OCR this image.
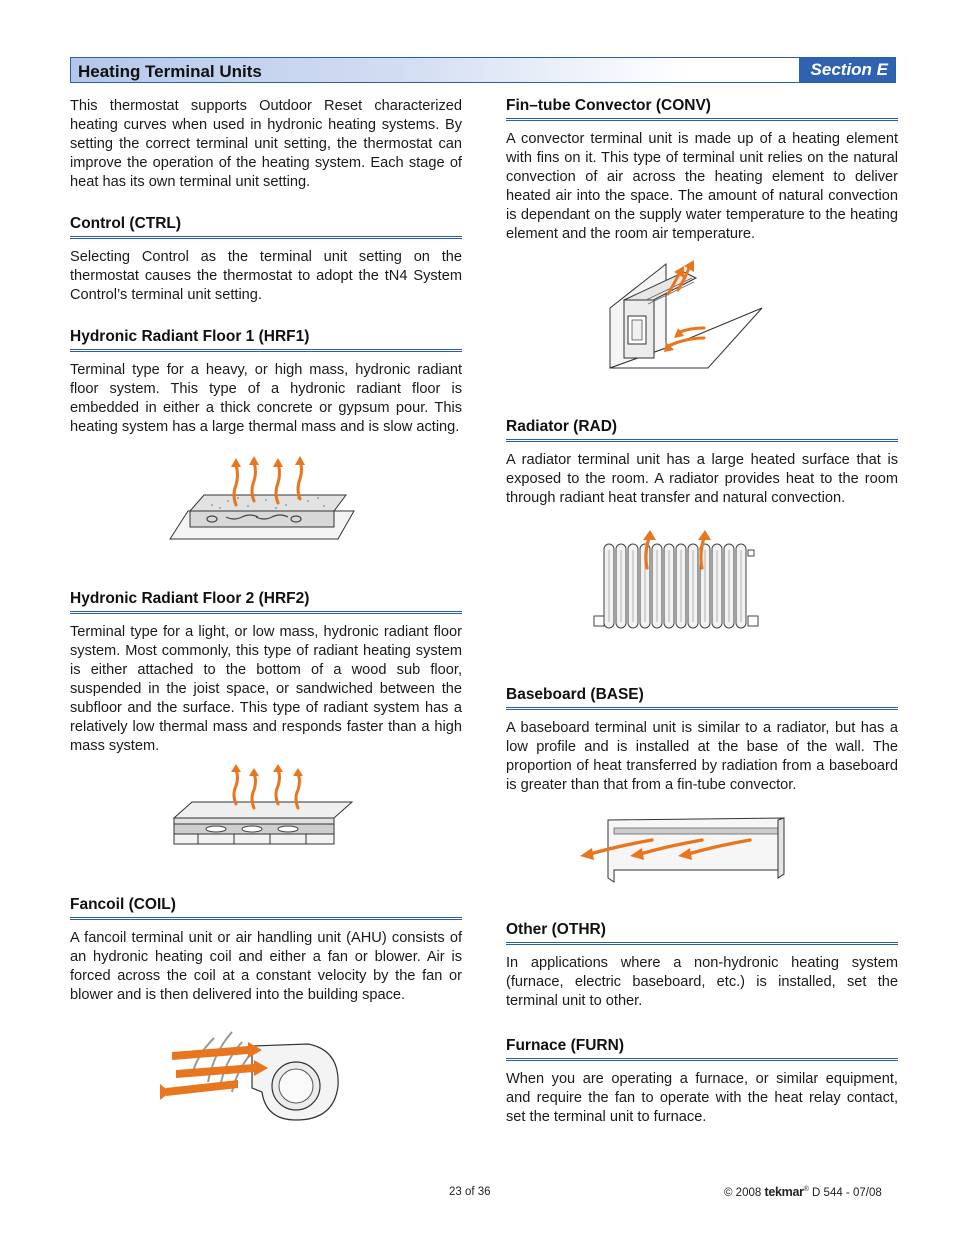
Heating Terminal Units	Section E

This thermostat supports Outdoor Reset characterized heating curves when used in hydronic heating systems. By setting the correct terminal unit setting, the thermostat can improve the operation of the heating system. Each stage of heat has its own terminal unit setting.

Control (CTRL)

Selecting Control as the terminal unit setting on the thermostat causes the thermostat to adopt the tN4 System Control’s terminal unit setting.

Hydronic Radiant Floor 1 (HRF1)

Terminal type for a heavy, or high mass, hydronic radiant floor system. This type of a hydronic radiant floor is embedded in either a thick concrete or gypsum pour. This heating system has a large thermal mass and is slow acting.

Hydronic Radiant Floor 2 (HRF2)

Terminal type for a light, or low mass, hydronic radiant floor system. Most commonly, this type of radiant heating system is either attached to the bottom of a wood sub floor, suspended in the joist space, or sandwiched between the subfloor and the surface. This type of radiant system has a relatively low thermal mass and responds faster than a high mass system.

Fancoil (COIL)

A fancoil terminal unit or air handling unit (AHU) consists of an hydronic heating coil and either a fan or blower. Air is forced across the coil at a constant velocity by the fan or blower and is then delivered into the building space.

Fin–tube Convector (CONV)

A convector terminal unit is made up of a heating element with fins on it. This type of terminal unit relies on the natural convection of air across the heating element to deliver heated air into the space. The amount of natural convection is dependant on the supply water temperature to the heating element and the room air temperature.

Radiator (RAD)

A radiator terminal unit has a large heated surface that is exposed to the room. A radiator provides heat to the room through radiant heat transfer and natural convection.

Baseboard (BASE)

A baseboard terminal unit is similar to a radiator, but has a low profile and is installed at the base of the wall. The proportion of heat transferred by radiation from a baseboard is greater than that from a fin-tube convector.

Other (OTHR)

In applications where a non-hydronic heating system (furnace, electric baseboard, etc.) is installed, set the terminal unit to other.

Furnace (FURN)

When you are operating a furnace, or similar equipment, and require the fan to operate with the heat relay contact, set the terminal unit to furnace.

23 of 36	© 2008 tekmar® D 544 - 07/08
